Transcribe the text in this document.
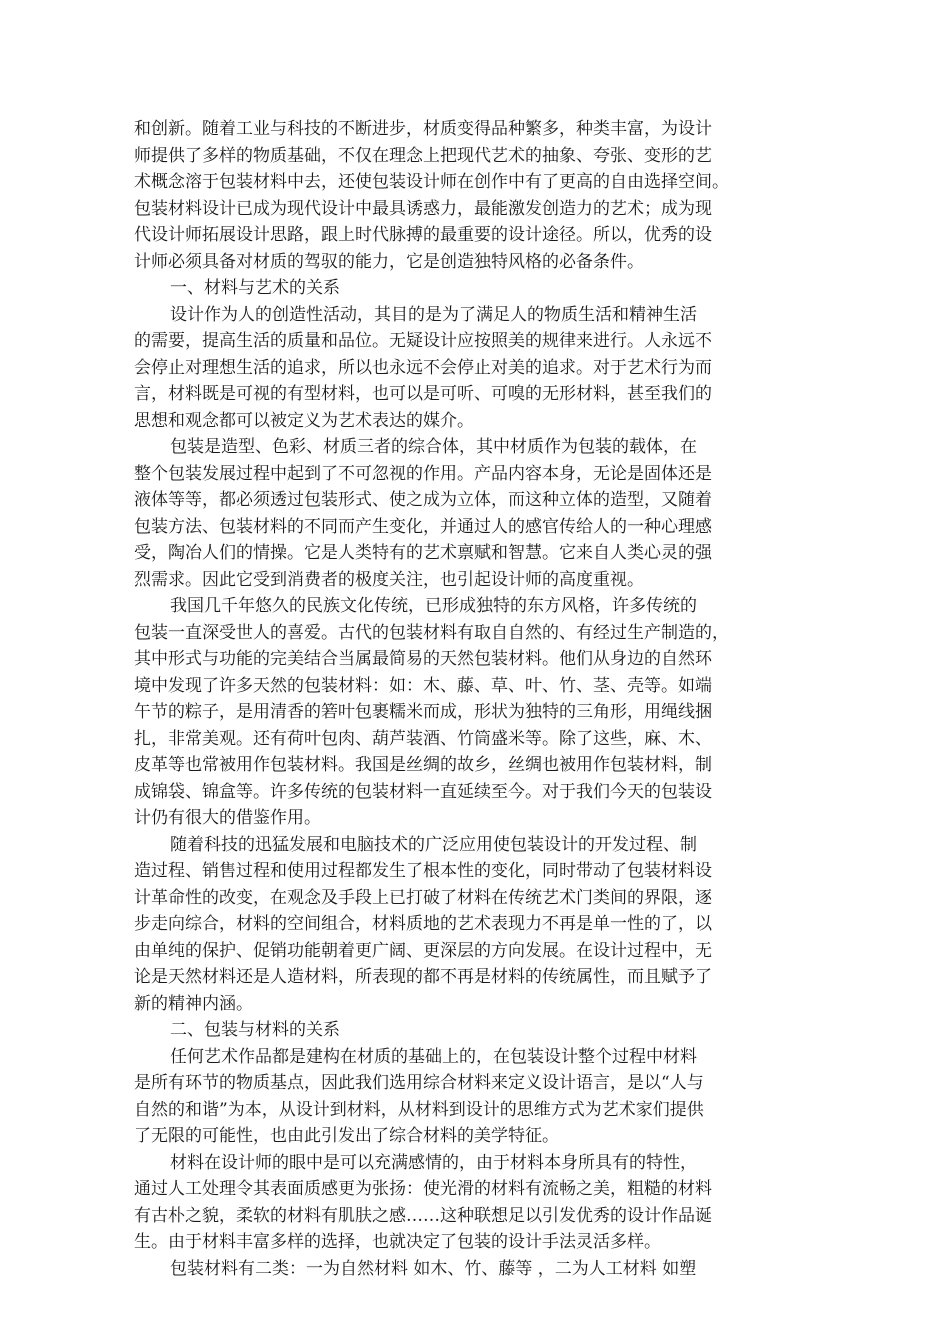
和创新。随着工业与科技的不断进步，材质变得品种繁多，种类丰富，为设计
师提供了多样的物质基础，不仅在理念上把现代艺术的抽象、夸张、变形的艺
术概念溶于包装材料中去，还使包装设计师在创作中有了更高的自由选择空间。
包装材料设计已成为现代设计中最具诱惑力，最能激发创造力的艺术；成为现
代设计师拓展设计思路，跟上时代脉搏的最重要的设计途径。所以，优秀的设
计师必须具备对材质的驾驭的能力，它是创造独特风格的必备条件。
一、材料与艺术的关系
设计作为人的创造性活动，其目的是为了满足人的物质生活和精神生活
的需要，提高生活的质量和品位。无疑设计应按照美的规律来进行。人永远不
会停止对理想生活的追求，所以也永远不会停止对美的追求。对于艺术行为而
言，材料既是可视的有型材料，也可以是可听、可嗅的无形材料，甚至我们的
思想和观念都可以被定义为艺术表达的媒介。
包装是造型、色彩、材质三者的综合体，其中材质作为包装的载体，在
整个包装发展过程中起到了不可忽视的作用。产品内容本身，无论是固体还是
液体等等，都必须透过包装形式、使之成为立体，而这种立体的造型，又随着
包装方法、包装材料的不同而产生变化，并通过人的感官传给人的一种心理感
受，陶冶人们的情操。它是人类特有的艺术禀赋和智慧。它来自人类心灵的强
烈需求。因此它受到消费者的极度关注，也引起设计师的高度重视。
我国几千年悠久的民族文化传统，已形成独特的东方风格，许多传统的
包装一直深受世人的喜爱。古代的包装材料有取自自然的、有经过生产制造的，
其中形式与功能的完美结合当属最简易的天然包装材料。他们从身边的自然环
境中发现了许多天然的包装材料：如：木、藤、草、叶、竹、茎、壳等。如端
午节的粽子，是用清香的箬叶包裹糯米而成，形状为独特的三角形，用绳线捆
扎，非常美观。还有荷叶包肉、葫芦装酒、竹筒盛米等。除了这些，麻、木、
皮革等也常被用作包装材料。我国是丝绸的故乡，丝绸也被用作包装材料，制
成锦袋、锦盒等。许多传统的包装材料一直延续至今。对于我们今天的包装设
计仍有很大的借鉴作用。
随着科技的迅猛发展和电脑技术的广泛应用使包装设计的开发过程、制
造过程、销售过程和使用过程都发生了根本性的变化，同时带动了包装材料设
计革命性的改变，在观念及手段上已打破了材料在传统艺术门类间的界限，逐
步走向综合，材料的空间组合，材料质地的艺术表现力不再是单一性的了，以
由单纯的保护、促销功能朝着更广阔、更深层的方向发展。在设计过程中，无
论是天然材料还是人造材料，所表现的都不再是材料的传统属性，而且赋予了
新的精神内涵。
二、包装与材料的关系
任何艺术作品都是建构在材质的基础上的，在包装设计整个过程中材料
是所有环节的物质基点，因此我们选用综合材料来定义设计语言，是以“人与
自然的和谐”为本，从设计到材料，从材料到设计的思维方式为艺术家们提供
了无限的可能性，也由此引发出了综合材料的美学特征。
材料在设计师的眼中是可以充满感情的，由于材料本身所具有的特性，
通过人工处理令其表面质感更为张扬：使光滑的材料有流畅之美，粗糙的材料
有古朴之貌，柔软的材料有肌肤之感……这种联想足以引发优秀的设计作品诞
生。由于材料丰富多样的选择，也就决定了包装的设计手法灵活多样。
包装材料有二类：一为自然材料 如木、竹、藤等 ，二为人工材料 如塑
